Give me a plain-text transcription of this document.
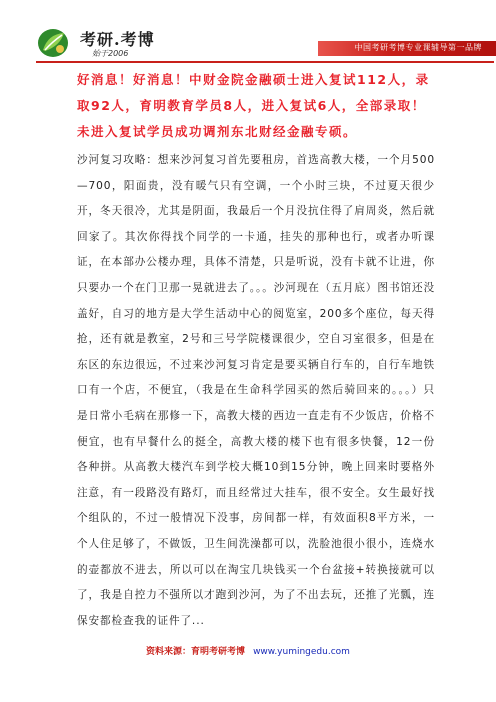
考研.考博
始于2006
中国考研考博专业课辅导第一品牌

好消息！好消息！中财金院金融硕士进入复试112人，录取92人，育明教育学员8人，进入复试6人，全部录取！未进入复试学员成功调剂东北财经金融专硕。

沙河复习攻略：想来沙河复习首先要租房，首选高教大楼，一个月500—700，阳面贵，没有暖气只有空调，一个小时三块，不过夏天很少开，冬天很冷，尤其是阴面，我最后一个月没抗住得了肩周炎，然后就回家了。其次你得找个同学的一卡通，挂失的那种也行，或者办听课证，在本部办公楼办理，具体不清楚，只是听说，没有卡就不让进，你只要办一个在门卫那一晃就进去了。。。沙河现在（五月底）图书馆还没盖好，自习的地方是大学生活动中心的阅览室，200多个座位，每天得抢，还有就是教室，2号和三号学院楼课很少，空自习室很多，但是在东区的东边很远，不过来沙河复习肯定是要买辆自行车的，自行车地铁口有一个店，不便宜，（我是在生命科学园买的然后骑回来的。。。）只是日常小毛病在那修一下，高教大楼的西边一直走有不少饭店，价格不便宜，也有早餐什么的挺全，高教大楼的楼下也有很多快餐，12一份各种拼。从高教大楼汽车到学校大概10到15分钟，晚上回来时要格外注意，有一段路没有路灯，而且经常过大挂车，很不安全。女生最好找个组队的，不过一般情况下没事，房间都一样，有效面积8平方米，一个人住足够了，不做饭，卫生间洗澡都可以，洗脸池很小很小，连烧水的壶都放不进去，所以可以在淘宝几块钱买一个台盆接+转换接就可以了，我是自控力不强所以才跑到沙河，为了不出去玩，还推了光瓢，连保安都检查我的证件了...

资料来源：育明考研考博 www.yumingedu.com
